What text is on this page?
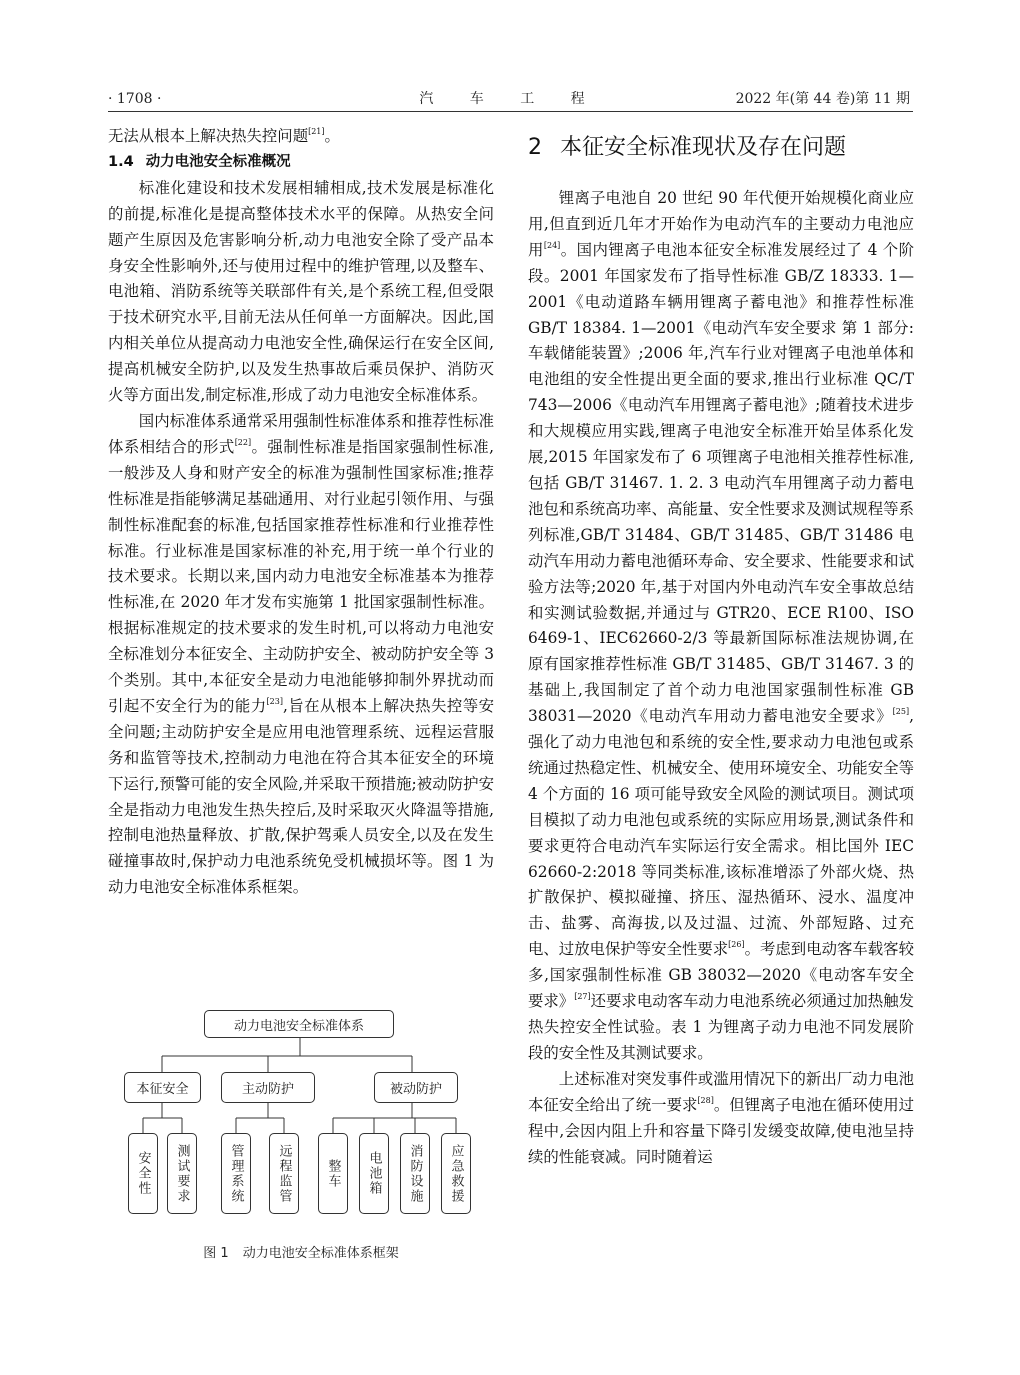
· 1708 ·	汽 车 工 程	2022 年(第 44 卷)第 11 期

无法从根本上解决热失控问题[21]。

1.4 动力电池安全标准概况

标准化建设和技术发展相辅相成,技术发展是标准化的前提,标准化是提高整体技术水平的保障。从热安全问题产生原因及危害影响分析,动力电池安全除了受产品本身安全性影响外,还与使用过程中的维护管理,以及整车、电池箱、消防系统等关联部件有关,是个系统工程,但受限于技术研究水平,目前无法从任何单一方面解决。因此,国内相关单位从提高动力电池安全性,确保运行在安全区间,提高机械安全防护,以及发生热事故后乘员保护、消防灭火等方面出发,制定标准,形成了动力电池安全标准体系。

国内标准体系通常采用强制性标准体系和推荐性标准体系相结合的形式[22]。强制性标准是指国家强制性标准,一般涉及人身和财产安全的标准为强制性国家标准;推荐性标准是指能够满足基础通用、对行业起引领作用、与强制性标准配套的标准,包括国家推荐性标准和行业推荐性标准。行业标准是国家标准的补充,用于统一单个行业的技术要求。长期以来,国内动力电池安全标准基本为推荐性标准,在 2020 年才发布实施第 1 批国家强制性标准。根据标准规定的技术要求的发生时机,可以将动力电池安全标准划分本征安全、主动防护安全、被动防护安全等 3 个类别。其中,本征安全是动力电池能够抑制外界扰动而引起不安全行为的能力[23],旨在从根本上解决热失控等安全问题;主动防护安全是应用电池管理系统、远程运营服务和监管等技术,控制动力电池在符合其本征安全的环境下运行,预警可能的安全风险,并采取干预措施;被动防护安全是指动力电池发生热失控后,及时采取灭火降温等措施,控制电池热量释放、扩散,保护驾乘人员安全,以及在发生碰撞事故时,保护动力电池系统免受机械损坏等。图 1 为动力电池安全标准体系框架。

动力电池安全标准体系
本征安全	主动防护	被动防护
安全性	测试要求	管理系统	远程监管	整车	电池箱	消防设施	应急救援
图 1 动力电池安全标准体系框架
2 本征安全标准现状及存在问题

锂离子电池自 20 世纪 90 年代便开始规模化商业应用,但直到近几年才开始作为电动汽车的主要动力电池应用[24]。国内锂离子电池本征安全标准发展经过了 4 个阶段。2001 年国家发布了指导性标准 GB/Z 18333. 1—2001《电动道路车辆用锂离子蓄电池》和推荐性标准 GB/T 18384. 1—2001《电动汽车安全要求 第 1 部分:车载储能装置》;2006 年,汽车行业对锂离子电池单体和电池组的安全性提出更全面的要求,推出行业标准 QC/T 743—2006《电动汽车用锂离子蓄电池》;随着技术进步和大规模应用实践,锂离子电池安全标准开始呈体系化发展,2015 年国家发布了 6 项锂离子电池相关推荐性标准,包括 GB/T 31467. 1. 2. 3 电动汽车用锂离子动力蓄电池包和系统高功率、高能量、安全性要求及测试规程等系列标准,GB/T 31484、GB/T 31485、GB/T 31486 电动汽车用动力蓄电池循环寿命、安全要求、性能要求和试验方法等;2020 年,基于对国内外电动汽车安全事故总结和实测试验数据,并通过与 GTR20、ECE R100、ISO 6469-1、IEC62660-2/3 等最新国际标准法规协调,在原有国家推荐性标准 GB/T 31485、GB/T 31467. 3 的基础上,我国制定了首个动力电池国家强制性标准 GB 38031—2020《电动汽车用动力蓄电池安全要求》[25],强化了动力电池包和系统的安全性,要求动力电池包或系统通过热稳定性、机械安全、使用环境安全、功能安全等 4 个方面的 16 项可能导致安全风险的测试项目。测试项目模拟了动力电池包或系统的实际应用场景,测试条件和要求更符合电动汽车实际运行安全需求。相比国外 IEC 62660-2:2018 等同类标准,该标准增添了外部火烧、热扩散保护、模拟碰撞、挤压、湿热循环、浸水、温度冲击、盐雾、高海拔,以及过温、过流、外部短路、过充电、过放电保护等安全性要求[26]。考虑到电动客车载客较多,国家强制性标准 GB 38032—2020《电动客车安全要求》[27]还要求电动客车动力电池系统必须通过加热触发热失控安全性试验。表 1 为锂离子动力电池不同发展阶段的安全性及其测试要求。

上述标准对突发事件或滥用情况下的新出厂动力电池本征安全给出了统一要求[28]。但锂离子电池在循环使用过程中,会因内阻上升和容量下降引发缓变故障,使电池呈持续的性能衰减。同时随着运
